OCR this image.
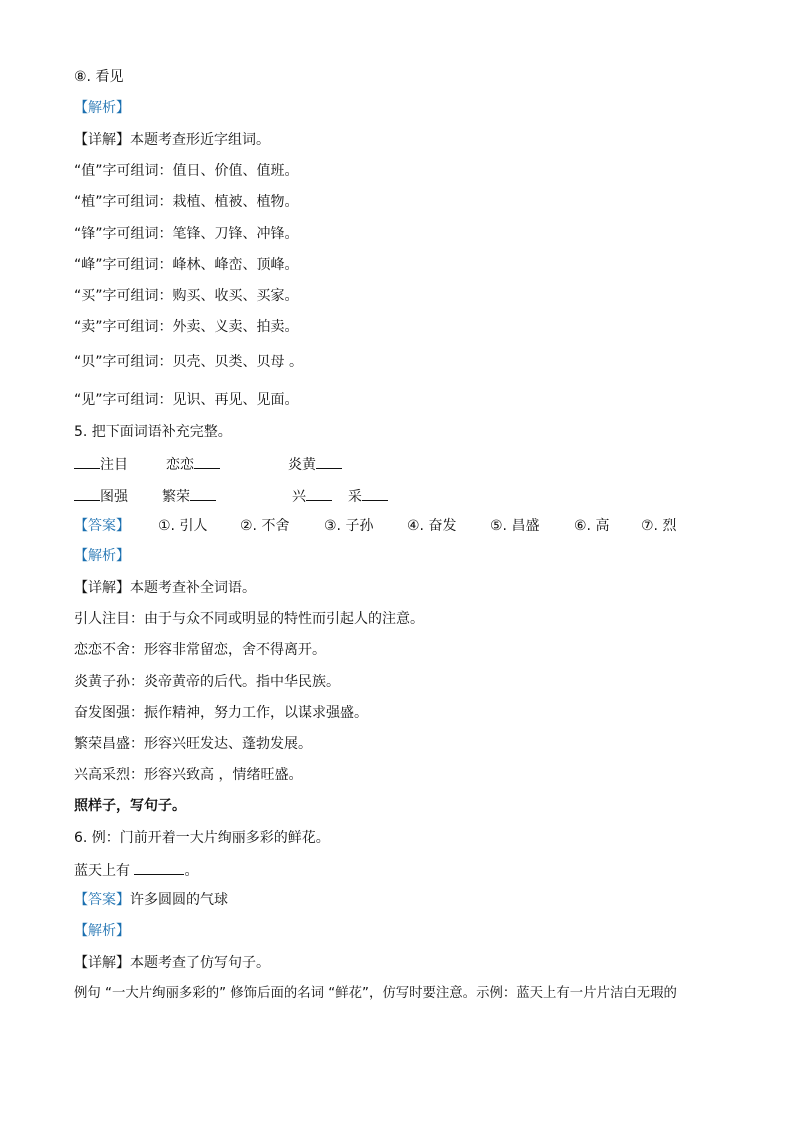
⑧. 看见
【解析】
【详解】本题考查形近字组词。
“值”字可组词：值日、价值、值班。
“植”字可组词：栽植、植被、植物。
“锋”字可组词：笔锋、刀锋、冲锋。
“峰”字可组词：峰林、峰峦、顶峰。
“买”字可组词：购买、收买、买家。
“卖”字可组词：外卖、义卖、拍卖。
“贝”字可组词：贝壳、贝类、贝母 。
“见”字可组词：见识、再见、见面。
5. 把下面词语补充完整。
注目	恋恋	炎黄
图强 繁荣	兴	采
【答案】 ①. 引人 ②. 不舍 ③. 子孙 ④. 奋发 ⑤. 昌盛 ⑥. 高 ⑦. 烈
【解析】
【详解】本题考查补全词语。
引人注目：由于与众不同或明显的特性而引起人的注意。
恋恋不舍：形容非常留恋，舍不得离开。
炎黄子孙：炎帝黄帝的后代。指中华民族。
奋发图强：振作精神，努力工作，以谋求强盛。
繁荣昌盛：形容兴旺发达、蓬勃发展。
兴高采烈：形容兴致高 ，情绪旺盛。
照样子，写句子。
6. 例：门前开着一大片绚丽多彩的鲜花。
蓝天上有	。
【答案】许多圆圆的气球
【解析】
【详解】本题考查了仿写句子。
例句 “一大片绚丽多彩的” 修饰后面的名词 “鲜花”，仿写时要注意。示例：蓝天上有一片片洁白无瑕的
